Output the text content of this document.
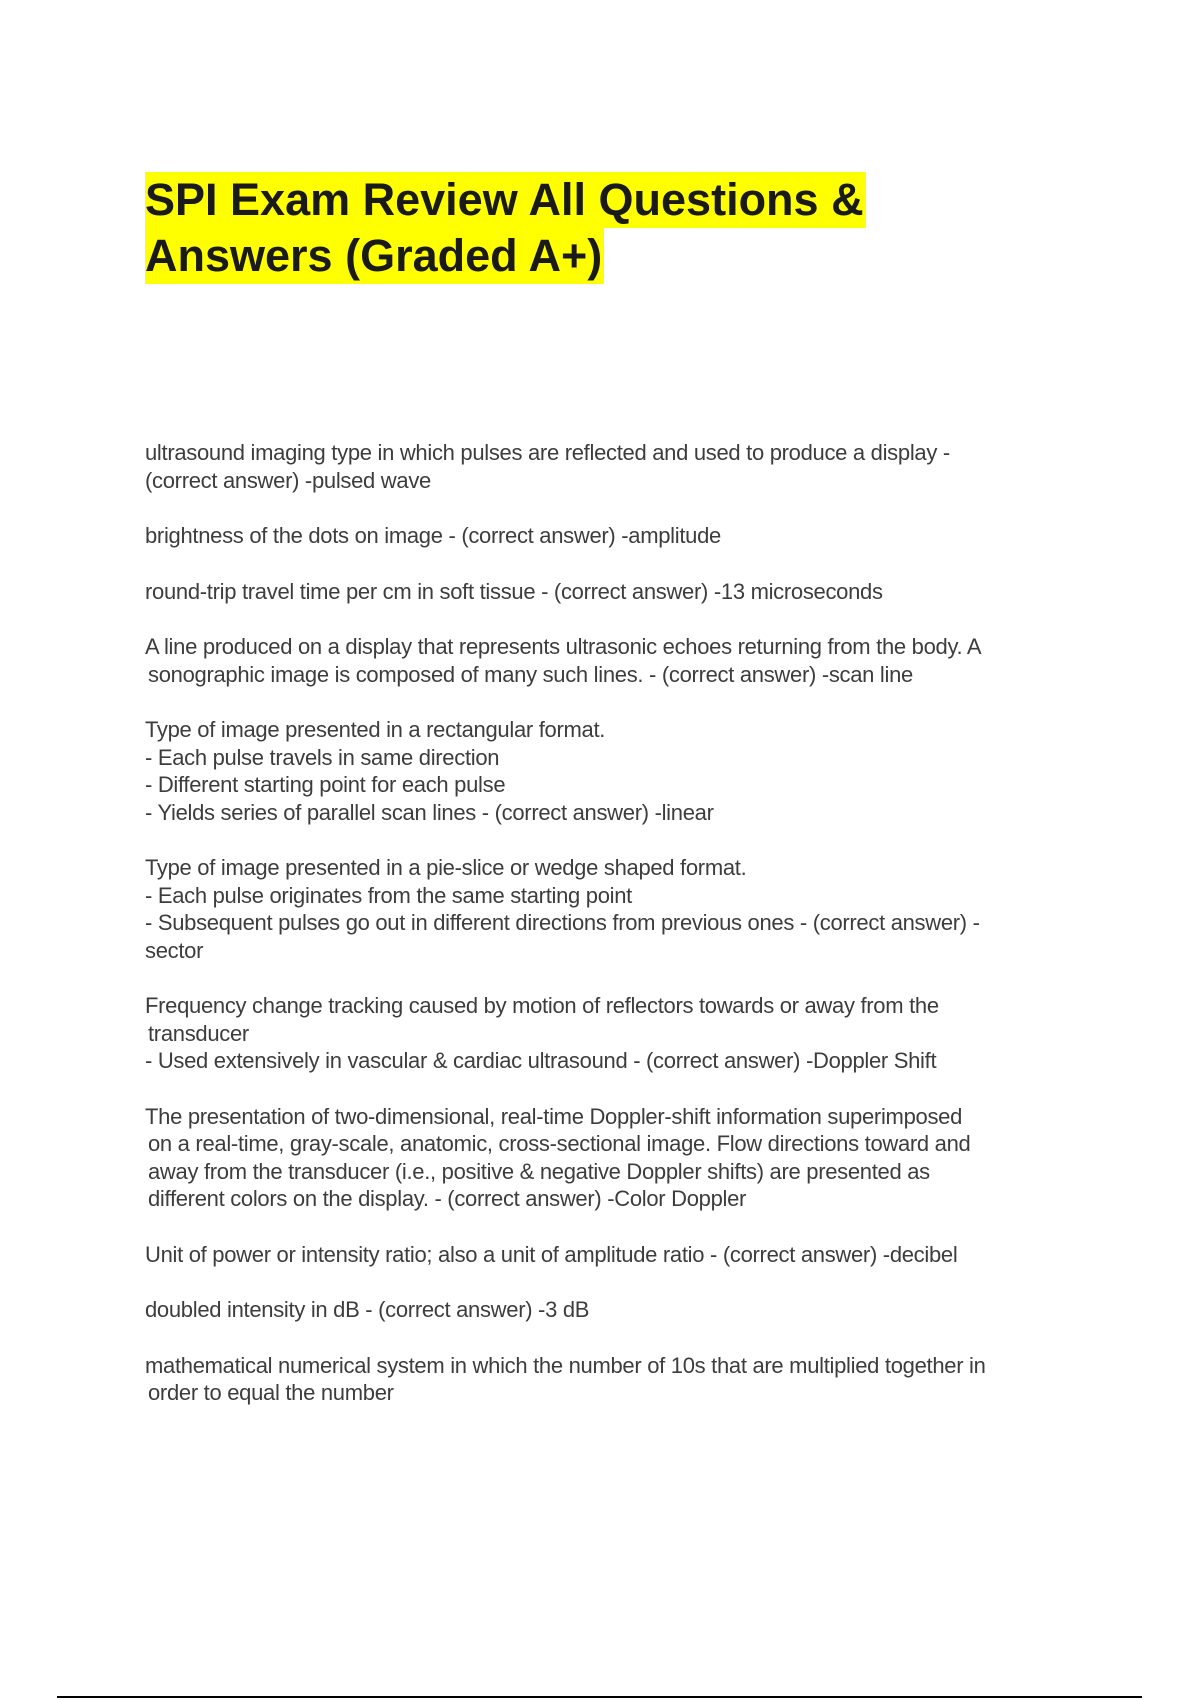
SPI Exam Review All Questions &
Answers (Graded A+)
ultrasound imaging type in which pulses are reflected and used to produce a display -
(correct answer) -pulsed wave
brightness of the dots on image - (correct answer) -amplitude
round-trip travel time per cm in soft tissue - (correct answer) -13 microseconds
A line produced on a display that represents ultrasonic echoes returning from the body. A
sonographic image is composed of many such lines. - (correct answer) -scan line
Type of image presented in a rectangular format.
- Each pulse travels in same direction
- Different starting point for each pulse
- Yields series of parallel scan lines - (correct answer) -linear
Type of image presented in a pie-slice or wedge shaped format.
- Each pulse originates from the same starting point
- Subsequent pulses go out in different directions from previous ones - (correct answer) -
sector
Frequency change tracking caused by motion of reflectors towards or away from the
transducer
- Used extensively in vascular & cardiac ultrasound - (correct answer) -Doppler Shift
The presentation of two-dimensional, real-time Doppler-shift information superimposed
on a real-time, gray-scale, anatomic, cross-sectional image. Flow directions toward and
away from the transducer (i.e., positive & negative Doppler shifts) are presented as
different colors on the display. - (correct answer) -Color Doppler
Unit of power or intensity ratio; also a unit of amplitude ratio - (correct answer) -decibel
doubled intensity in dB - (correct answer) -3 dB
mathematical numerical system in which the number of 10s that are multiplied together in
order to equal the number
